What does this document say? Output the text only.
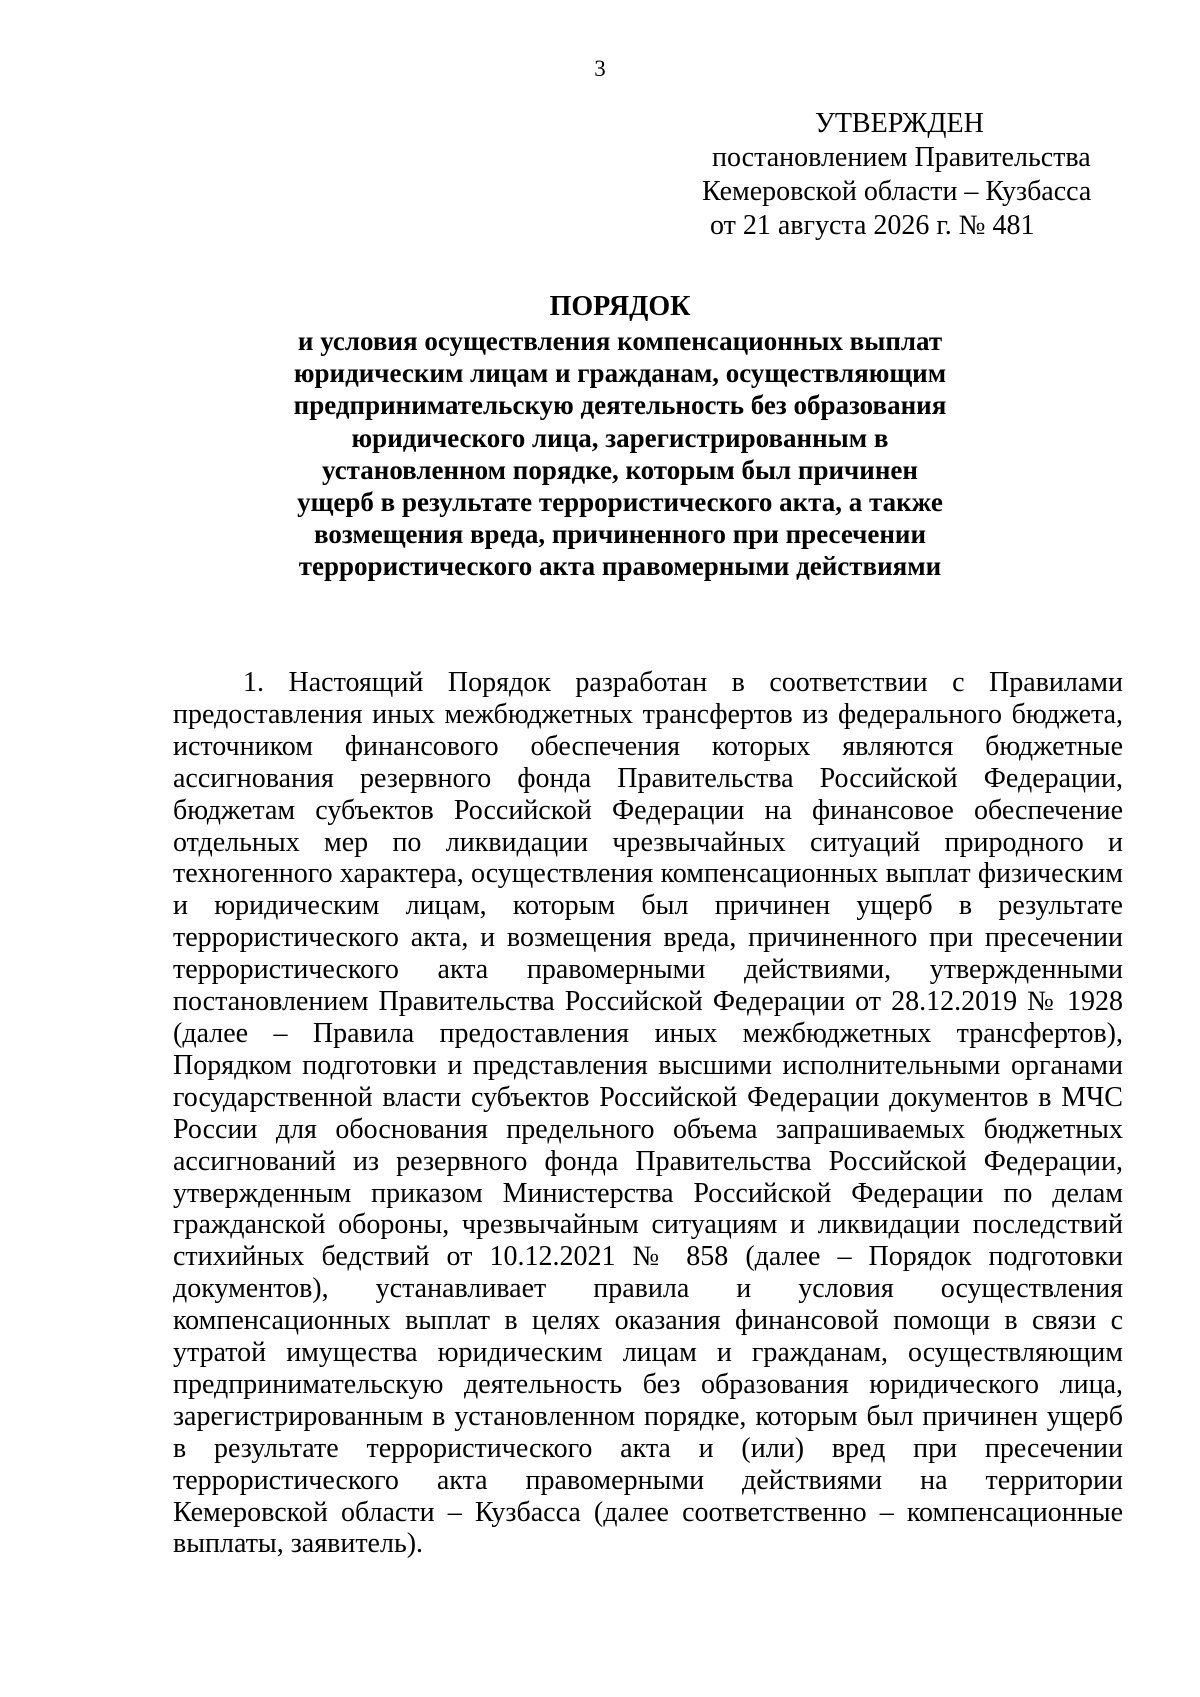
3
УТВЕРЖДЕН
постановлением Правительства
Кемеровской области – Кузбасса
от 21 августа 2026 г. № 481
ПОРЯДОК
и условия осуществления компенсационных выплат
юридическим лицам и гражданам, осуществляющим
предпринимательскую деятельность без образования
юридического лица, зарегистрированным в
установленном порядке, которым был причинен
ущерб в результате террористического акта, а также
возмещения вреда, причиненного при пресечении
террористического акта правомерными действиями

1. Настоящий Порядок разработан в соответствии с Правилами предоставления иных межбюджетных трансфертов из федерального бюджета, источником финансового обеспечения которых являются бюджетные ассигнования резервного фонда Правительства Российской Федерации, бюджетам субъектов Российской Федерации на финансовое обеспечение отдельных мер по ликвидации чрезвычайных ситуаций природного и техногенного характера, осуществления компенсационных выплат физическим и юридическим лицам, которым был причинен ущерб в результате террористического акта, и возмещения вреда, причиненного при пресечении террористического акта правомерными действиями, утвержденными постановлением Правительства Российской Федерации от 28.12.2019 № 1928 (далее – Правила предоставления иных межбюджетных трансфертов), Порядком подготовки и представления высшими исполнительными органами государственной власти субъектов Российской Федерации документов в МЧС России для обоснования предельного объема запрашиваемых бюджетных ассигнований из резервного фонда Правительства Российской Федерации, утвержденным приказом Министерства Российской Федерации по делам гражданской обороны, чрезвычайным ситуациям и ликвидации последствий стихийных бедствий от 10.12.2021 № 858 (далее – Порядок подготовки документов), устанавливает правила и условия осуществления компенсационных выплат в целях оказания финансовой помощи в связи с утратой имущества юридическим лицам и гражданам, осуществляющим предпринимательскую деятельность без образования юридического лица, зарегистрированным в установленном порядке, которым был причинен ущерб в результате террористического акта и (или) вред при пресечении террористического акта правомерными действиями на территории Кемеровской области – Кузбасса (далее соответственно – компенсационные выплаты, заявитель).
